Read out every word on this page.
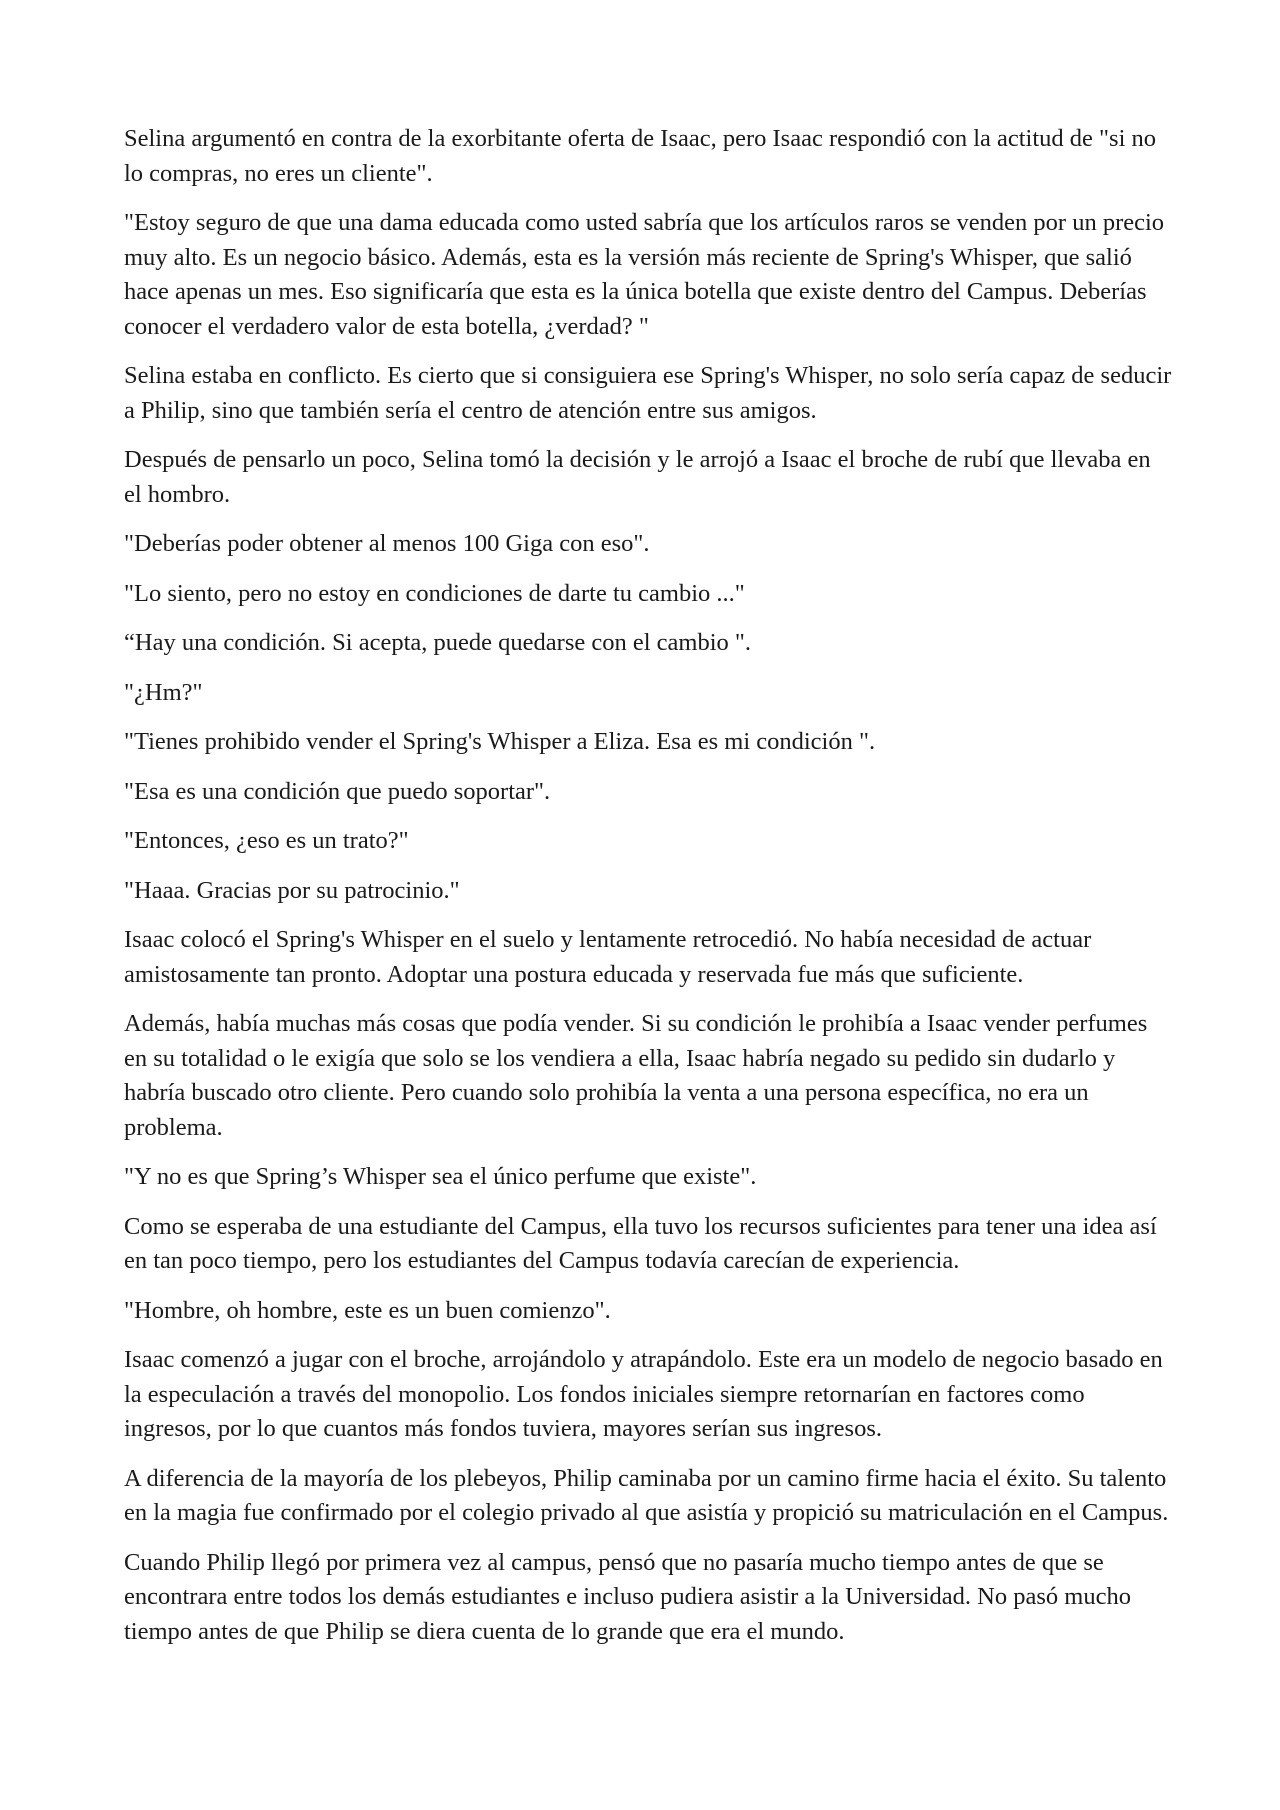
Selina argumentó en contra de la exorbitante oferta de Isaac, pero Isaac respondió con la actitud de "si no lo compras, no eres un cliente".

"Estoy seguro de que una dama educada como usted sabría que los artículos raros se venden por un precio muy alto. Es un negocio básico. Además, esta es la versión más reciente de Spring's Whisper, que salió hace apenas un mes. Eso significaría que esta es la única botella que existe dentro del Campus. Deberías conocer el verdadero valor de esta botella, ¿verdad? "

Selina estaba en conflicto. Es cierto que si consiguiera ese Spring's Whisper, no solo sería capaz de seducir a Philip, sino que también sería el centro de atención entre sus amigos.

Después de pensarlo un poco, Selina tomó la decisión y le arrojó a Isaac el broche de rubí que llevaba en el hombro.

"Deberías poder obtener al menos 100 Giga con eso".

"Lo siento, pero no estoy en condiciones de darte tu cambio ..."

“Hay una condición. Si acepta, puede quedarse con el cambio ".

"¿Hm?"

"Tienes prohibido vender el Spring's Whisper a Eliza. Esa es mi condición ".

"Esa es una condición que puedo soportar".

"Entonces, ¿eso es un trato?"

"Haaa. Gracias por su patrocinio."

Isaac colocó el Spring's Whisper en el suelo y lentamente retrocedió. No había necesidad de actuar amistosamente tan pronto. Adoptar una postura educada y reservada fue más que suficiente.

Además, había muchas más cosas que podía vender. Si su condición le prohibía a Isaac vender perfumes en su totalidad o le exigía que solo se los vendiera a ella, Isaac habría negado su pedido sin dudarlo y habría buscado otro cliente. Pero cuando solo prohibía la venta a una persona específica, no era un problema.

"Y no es que Spring’s Whisper sea el único perfume que existe".

Como se esperaba de una estudiante del Campus, ella tuvo los recursos suficientes para tener una idea así en tan poco tiempo, pero los estudiantes del Campus todavía carecían de experiencia.

"Hombre, oh hombre, este es un buen comienzo".

Isaac comenzó a jugar con el broche, arrojándolo y atrapándolo. Este era un modelo de negocio basado en la especulación a través del monopolio. Los fondos iniciales siempre retornarían en factores como ingresos, por lo que cuantos más fondos tuviera, mayores serían sus ingresos.

A diferencia de la mayoría de los plebeyos, Philip caminaba por un camino firme hacia el éxito. Su talento en la magia fue confirmado por el colegio privado al que asistía y propició su matriculación en el Campus.

Cuando Philip llegó por primera vez al campus, pensó que no pasaría mucho tiempo antes de que se encontrara entre todos los demás estudiantes e incluso pudiera asistir a la Universidad. No pasó mucho tiempo antes de que Philip se diera cuenta de lo grande que era el mundo.
